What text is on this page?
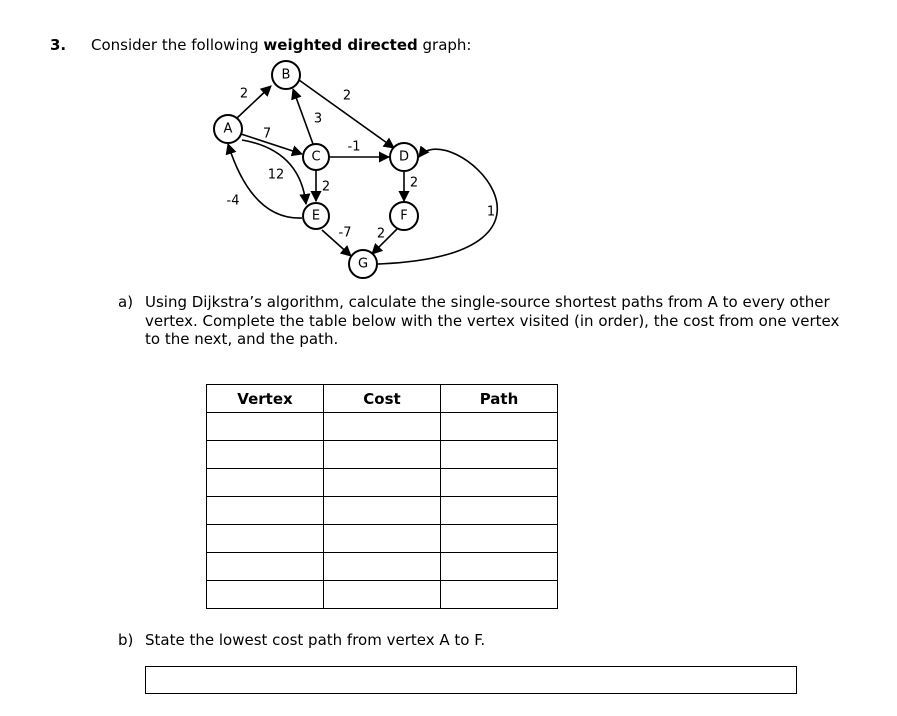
3. Consider the following weighted directed graph:
A
B
C	D
E	F
G
2
7
12
-4
3
2
-1
2	2
-7 2
1
a) Using Dijkstra’s algorithm, calculate the single-source shortest paths from A to every other vertex. Complete the table below with the vertex visited (in order), the cost from one vertex to the next, and the path.
Vertex	Cost	Path

b) State the lowest cost path from vertex A to F.
